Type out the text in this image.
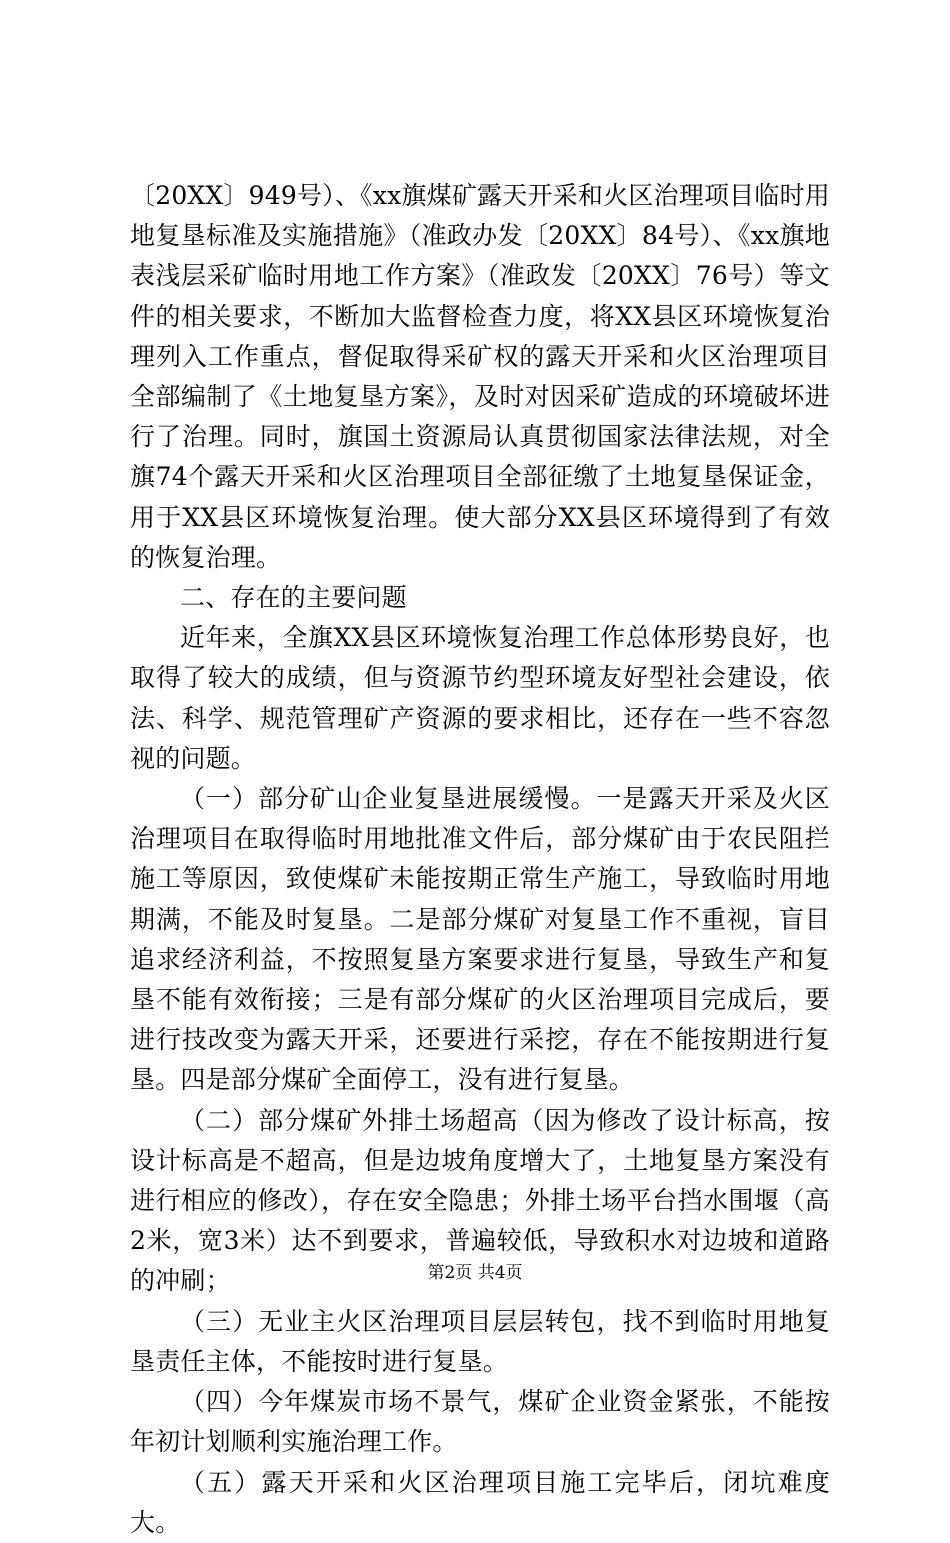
〔20XX〕949号）、《xx旗煤矿露天开采和火区治理项目临时用地复垦标准及实施措施》（准政办发〔20XX〕84号）、《xx旗地表浅层采矿临时用地工作方案》（准政发〔20XX〕76号）等文件的相关要求，不断加大监督检查力度，将XX县区环境恢复治理列入工作重点，督促取得采矿权的露天开采和火区治理项目全部编制了《土地复垦方案》，及时对因采矿造成的环境破坏进行了治理。同时，旗国土资源局认真贯彻国家法律法规，对全旗74个露天开采和火区治理项目全部征缴了土地复垦保证金，用于XX县区环境恢复治理。使大部分XX县区环境得到了有效的恢复治理。

二、存在的主要问题

近年来，全旗XX县区环境恢复治理工作总体形势良好，也取得了较大的成绩，但与资源节约型环境友好型社会建设，依法、科学、规范管理矿产资源的要求相比，还存在一些不容忽视的问题。

（一）部分矿山企业复垦进展缓慢。一是露天开采及火区治理项目在取得临时用地批准文件后，部分煤矿由于农民阻拦施工等原因，致使煤矿未能按期正常生产施工，导致临时用地期满，不能及时复垦。二是部分煤矿对复垦工作不重视，盲目追求经济利益，不按照复垦方案要求进行复垦，导致生产和复垦不能有效衔接；三是有部分煤矿的火区治理项目完成后，要进行技改变为露天开采，还要进行采挖，存在不能按期进行复垦。四是部分煤矿全面停工，没有进行复垦。

（二）部分煤矿外排土场超高（因为修改了设计标高，按设计标高是不超高，但是边坡角度增大了，土地复垦方案没有进行相应的修改），存在安全隐患；外排土场平台挡水围堰（高2米，宽3米）达不到要求，普遍较低，导致积水对边坡和道路的冲刷；

（三）无业主火区治理项目层层转包，找不到临时用地复垦责任主体，不能按时进行复垦。

（四）今年煤炭市场不景气，煤矿企业资金紧张，不能按年初计划顺利实施治理工作。

（五）露天开采和火区治理项目施工完毕后，闭坑难度大。

第2页 共4页
